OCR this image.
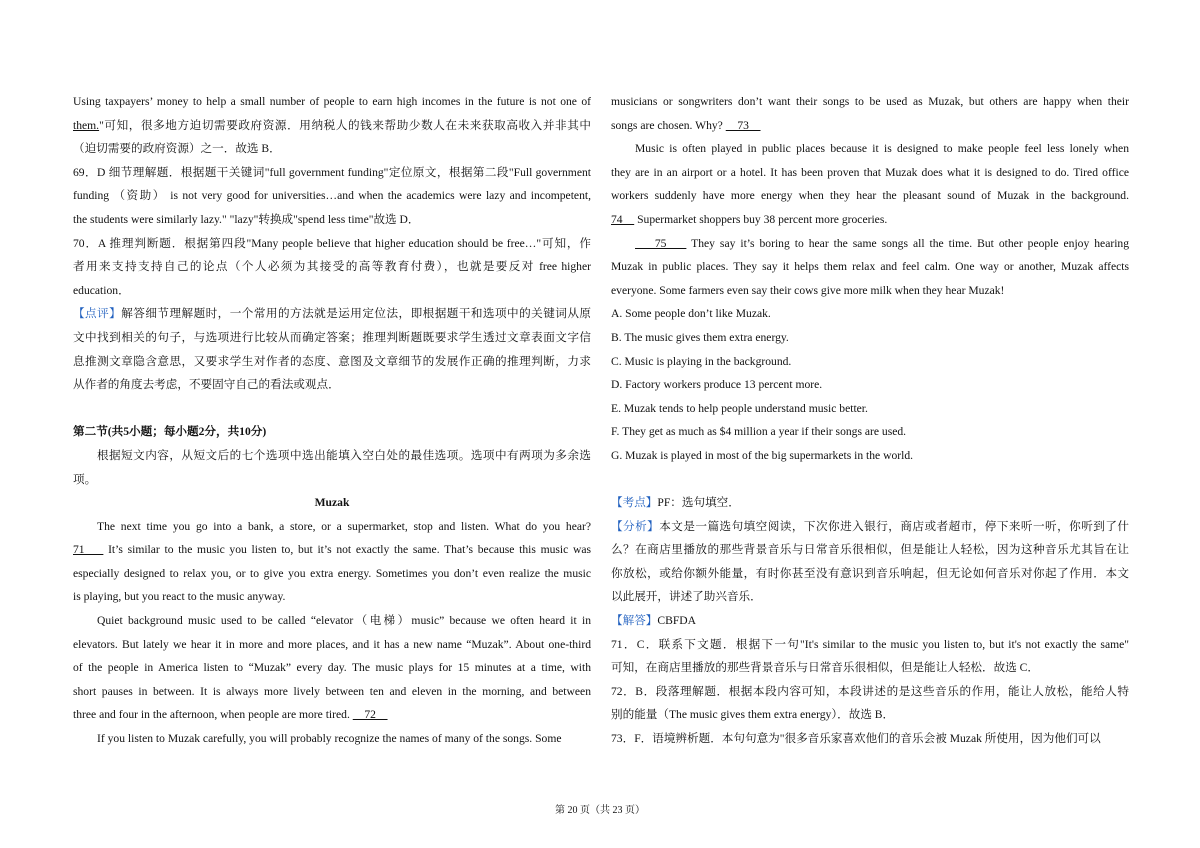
Using taxpayers’ money to help a small number of people to earn high incomes in the future is not one of
them."可知，很多地方迫切需要政府资源．用纳税人的钱来帮助少数人在未来获取高收入并非其中
（迫切需要的政府资源）之一．故选 B．
69．D 细节理解题．根据题干关键词"full government funding"定位原文，根据第二段"Full government
funding （资助） is not very good for universities…and when the academics were lazy and incompetent,
the students were similarly lazy." "lazy"转换成"spend less time"故选 D．
70．A 推理判断题．根据第四段"Many people believe that higher education should be free…"可知，作
者用来支持支持自己的论点（个人必须为其接受的高等教育付费），也就是要反对 free higher
education．
【点评】解答细节理解题时，一个常用的方法就是运用定位法，即根据题干和选项中的关键词从原
文中找到相关的句子，与选项进行比较从而确定答案；推理判断题既要求学生透过文章表面文字信
息推测文章隐含意思，又要求学生对作者的态度、意图及文章细节的发展作正确的推理判断，力求
从作者的角度去考虑，不要固守自己的看法或观点．
第二节(共5小题；每小题2分，共10分)
根据短文内容，从短文后的七个选项中选出能填入空白处的最佳选项。选项中有两项为多余选
项。
Muzak
The next time you go into a bank, a store, or a supermarket, stop and listen. What do you hear?
71     It’s similar to the music you listen to, but it’s not exactly the same. That’s because this music was
especially designed to relax you, or to give you extra energy. Sometimes you don’t even realize the music
is playing, but you react to the music anyway.
Quiet background music used to be called “elevator（电梯）music” because we often heard it in
elevators. But lately we hear it in more and more places, and it has a new name “Muzak”. About one-third
of the people in America listen to “Muzak” every day. The music plays for 15 minutes at a time, with
short pauses in between. It is always more lively between ten and eleven in the morning, and between
three and four in the afternoon, when people are more tired.     72
If you listen to Muzak carefully, you will probably recognize the names of many of the songs. Some
musicians or songwriters don’t want their songs to be used as Muzak, but others are happy when their
songs are chosen. Why?     73
Music is often played in public places because it is designed to make people feel less lonely when
they are in an airport or a hotel. It has been proven that Muzak does what it is designed to do. Tired office
workers suddenly have more energy when they hear the pleasant sound of Muzak in the background.
74     Supermarket shoppers buy 38 percent more groceries.
75     They say it’s boring to hear the same songs all the time. But other people enjoy hearing
Muzak in public places. They say it helps them relax and feel calm. One way or another, Muzak affects
everyone. Some farmers even say their cows give more milk when they hear Muzak!
A. Some people don’t like Muzak.
B. The music gives them extra energy.
C. Music is playing in the background.
D. Factory workers produce 13 percent more.
E. Muzak tends to help people understand music better.
F. They get as much as $4 million a year if their songs are used.
G. Muzak is played in most of the big supermarkets in the world.
【考点】PF：选句填空．
【分析】本文是一篇选句填空阅读，下次你进入银行，商店或者超市，停下来听一听，你听到了什
么？在商店里播放的那些背景音乐与日常音乐很相似，但是能让人轻松，因为这种音乐尤其旨在让
你放松，或给你额外能量，有时你甚至没有意识到音乐响起，但无论如何音乐对你起了作用．本文
以此展开，讲述了助兴音乐．
【解答】CBFDA
71．C．联系下文题．根据下一句"It's similar to the music you listen to, but it's not exactly the same"
可知，在商店里播放的那些背景音乐与日常音乐很相似，但是能让人轻松．故选 C．
72．B．段落理解题．根据本段内容可知，本段讲述的是这些音乐的作用，能让人放松，能给人特
别的能量（The music gives them extra energy）．故选 B．
73．F．语境辨析题．本句句意为"很多音乐家喜欢他们的音乐会被 Muzak 所使用，因为他们可以
第 20 页（共 23 页）
